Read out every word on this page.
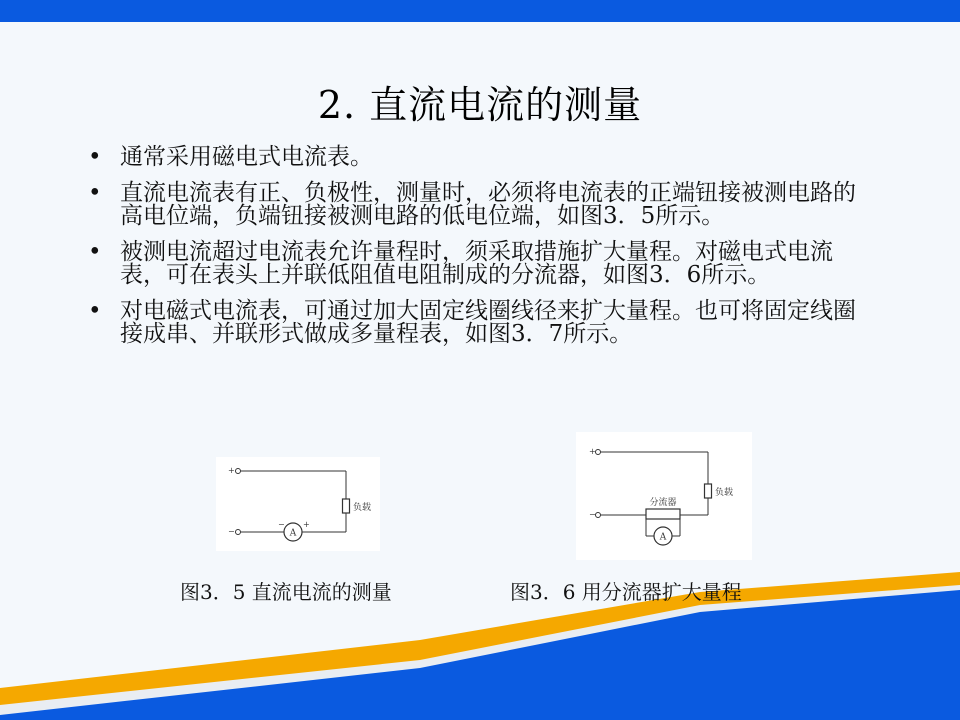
2. 直流电流的测量
• 通常采用磁电式电流表。
• 直流电流表有正、负极性，测量时，必须将电流表的正端钮接被测电路的高电位端，负端钮接被测电路的低电位端，如图3．5所示。
• 被测电流超过电流表允许量程时，须采取措施扩大量程。对磁电式电流表，可在表头上并联低阻值电阻制成的分流器，如图3．6所示。
• 对电磁式电流表，可通过加大固定线圈线径来扩大量程。也可将固定线圈接成串、并联形式做成多量程表，如图3．7所示。
+
负载
−	A
− +
+
负载
−
分流器
A
图3．5 直流电流的测量	图3．6 用分流器扩大量程
